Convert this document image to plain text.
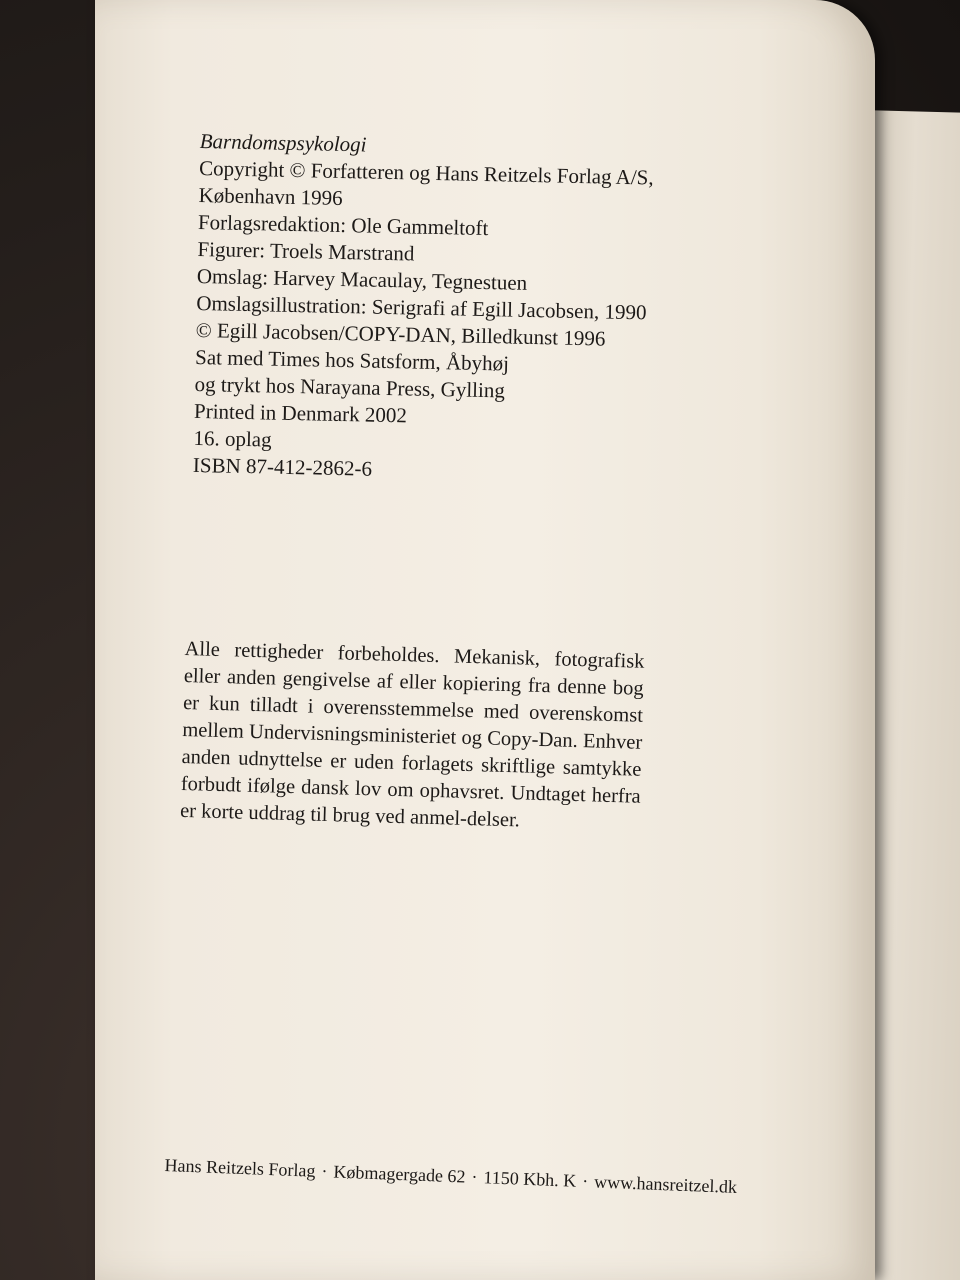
Barndomspsykologi
Copyright © Forfatteren og Hans Reitzels Forlag A/S,
København 1996
Forlagsredaktion: Ole Gammeltoft
Figurer: Troels Marstrand
Omslag: Harvey Macaulay, Tegnestuen
Omslagsillustration: Serigrafi af Egill Jacobsen, 1990
© Egill Jacobsen/COPY-DAN, Billedkunst 1996
Sat med Times hos Satsform, Åbyhøj
og trykt hos Narayana Press, Gylling
Printed in Denmark 2002
16. oplag
ISBN 87-412-2862-6
Alle rettigheder forbeholdes. Mekanisk, fotografisk eller anden gengivelse af eller kopiering fra denne bog er kun tilladt i overensstemmelse med overenskomst mellem Undervisningsministeriet og Copy-Dan. Enhver anden udnyttelse er uden forlagets skriftlige samtykke forbudt ifølge dansk lov om ophavsret. Undtaget herfra er korte uddrag til brug ved anmel-delser.
Hans Reitzels Forlag · Købmagergade 62 · 1150 Kbh. K · www.hansreitzel.dk
